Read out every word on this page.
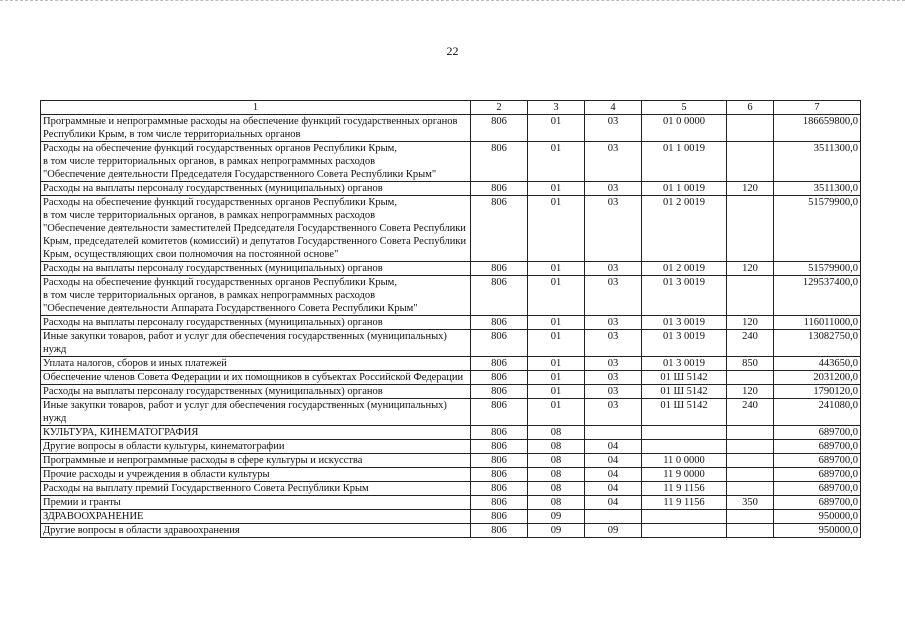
22
1	2	3	4	5	6	7
Программные и непрограммные расходы на обеспечение функций государственных органов Республики Крым, в том числе территориальных органов	806	01	03	01 0 0000		186659800,0
Расходы на обеспечение функций государственных органов Республики Крым,
в том числе территориальных органов, в рамках непрограммных расходов
"Обеспечение деятельности Председателя Государственного Совета Республики Крым"	806	01	03	01 1 0019		3511300,0
Расходы на выплаты персоналу государственных (муниципальных) органов	806	01	03	01 1 0019	120	3511300,0
Расходы на обеспечение функций государственных органов Республики Крым,
в том числе территориальных органов, в рамках непрограммных расходов
"Обеспечение деятельности заместителей Председателя Государственного Совета Республики Крым, председателей комитетов (комиссий) и депутатов Государственного Совета Республики Крым, осуществляющих свои полномочия на постоянной основе"	806	01	03	01 2 0019		51579900,0
Расходы на выплаты персоналу государственных (муниципальных) органов	806	01	03	01 2 0019	120	51579900,0
Расходы на обеспечение функций государственных органов Республики Крым,
в том числе территориальных органов, в рамках непрограммных расходов
"Обеспечение деятельности Аппарата Государственного Совета Республики Крым"	806	01	03	01 3 0019		129537400,0
Расходы на выплаты персоналу государственных (муниципальных) органов	806	01	03	01 3 0019	120	116011000,0
Иные закупки товаров, работ и услуг для обеспечения государственных (муниципальных) нужд	806	01	03	01 3 0019	240	13082750,0
Уплата налогов, сборов и иных платежей	806	01	03	01 3 0019	850	443650,0
Обеспечение членов Совета Федерации и их помощников в субъектах Российской Федерации	806	01	03	01 Ш 5142		2031200,0
Расходы на выплаты персоналу государственных (муниципальных) органов	806	01	03	01 Ш 5142	120	1790120,0
Иные закупки товаров, работ и услуг для обеспечения государственных (муниципальных) нужд	806	01	03	01 Ш 5142	240	241080,0
КУЛЬТУРА, КИНЕМАТОГРАФИЯ	806	08				689700,0
Другие вопросы в области культуры, кинематографии	806	08	04			689700,0
Программные и непрограммные расходы в сфере культуры и искусства	806	08	04	11 0 0000		689700,0
Прочие расходы и учреждения в области культуры	806	08	04	11 9 0000		689700,0
Расходы на выплату премий Государственного Совета Республики Крым	806	08	04	11 9 1156		689700,0
Премии и гранты	806	08	04	11 9 1156	350	689700,0
ЗДРАВООХРАНЕНИЕ	806	09				950000,0
Другие вопросы в области здравоохранения	806	09	09			950000,0
